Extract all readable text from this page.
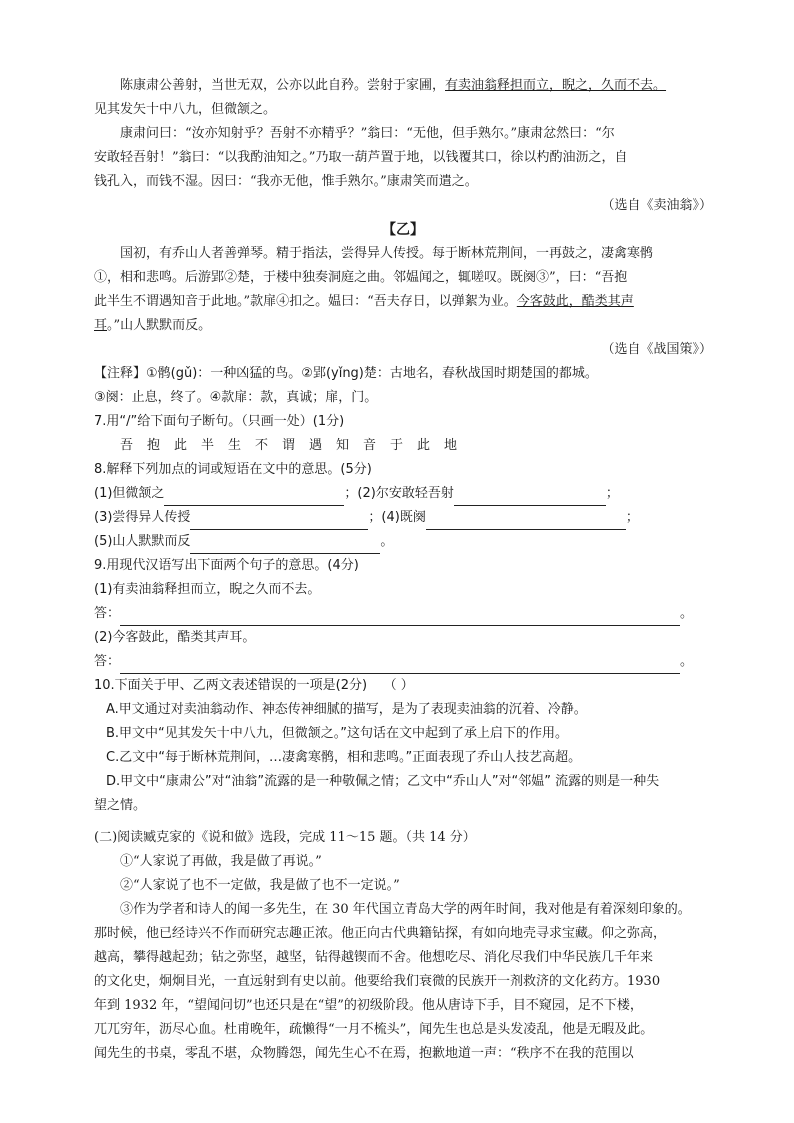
陈康肃公善射，当世无双，公亦以此自矜。尝射于家圃，有卖油翁释担而立，睨之，久而不去。
见其发矢十中八九，但微颔之。
康肃问曰：“汝亦知射乎？吾射不亦精乎？”翁曰：“无他，但手熟尔。”康肃忿然曰：“尔
安敢轻吾射！”翁曰：“以我酌油知之。”乃取一葫芦置于地，以钱覆其口，徐以杓酌油沥之，自
钱孔入，而钱不湿。因曰：“我亦无他，惟手熟尔。”康肃笑而遣之。
（选自《卖油翁》）
【乙】
国初，有乔山人者善弹琴。精于指法，尝得异人传授。每于断林荒荆间，一再鼓之，凄禽寒鹘
①，相和悲鸣。后游郢②楚，于楼中独奏洞庭之曲。邻媪闻之，辄嗟叹。既阕③”，曰：“吾抱
此半生不谓遇知音于此地。”款扉④扣之。媪曰：“吾夫存日，以弹絮为业。今客鼓此，酷类其声
耳。”山人默默而反。
（选自《战国策》）
【注释】①鹘(gǔ)：一种凶猛的鸟。②郢(yǐng)楚：古地名，春秋战国时期楚国的都城。
③阕：止息，终了。④款扉：款，真诚；扉，门。
7.用“/”给下面句子断句。（只画一处）(1分)
吾抱此半生不谓遇知音于此地
8.解释下列加点的词或短语在文中的意思。(5分)
(1)但微颔之	；(2)尔安敢轻吾射	；
(3)尝得异人传授	；(4)既阕	；
(5)山人默默而反	。
9.用现代汉语写出下面两个句子的意思。(4分)
(1)有卖油翁释担而立，睨之久而不去。
答：	。
(2)今客鼓此，酷类其声耳。
答：	。
10.下面关于甲、乙两文表述错误的一项是(2分) （ ）
A.甲文通过对卖油翁动作、神态传神细腻的描写，是为了表现卖油翁的沉着、冷静。
B.甲文中“见其发矢十中八九，但微颔之。”这句话在文中起到了承上启下的作用。
C.乙文中“每于断林荒荆间，…凄禽寒鹘，相和悲鸣。”正面表现了乔山人技艺高超。
D.甲文中“康肃公”对“油翁”流露的是一种敬佩之情；乙文中“乔山人”对“邻媪” 流露的则是一种失
望之情。
(二)阅读臧克家的《说和做》选段，完成 11～15 题。（共 14 分）
①“人家说了再做，我是做了再说。”
②“人家说了也不一定做，我是做了也不一定说。”
③作为学者和诗人的闻一多先生，在 30 年代国立青岛大学的两年时间，我对他是有着深刻印象的。
那时候，他已经诗兴不作而研究志趣正浓。他正向古代典籍钻探，有如向地壳寻求宝藏。仰之弥高，
越高，攀得越起劲；钻之弥坚，越坚，钻得越锲而不舍。他想吃尽、消化尽我们中华民族几千年来
的文化史，炯炯目光，一直远射到有史以前。他要给我们衰微的民族开一剂救济的文化药方。1930
年到 1932 年，“望闻问切”也还只是在“望”的初级阶段。他从唐诗下手，目不窥园，足不下楼，
兀兀穷年，沥尽心血。杜甫晚年，疏懒得“一月不梳头”，闻先生也总是头发凌乱，他是无暇及此。
闻先生的书桌，零乱不堪，众物腾怨，闻先生心不在焉，抱歉地道一声：“秩序不在我的范围以
